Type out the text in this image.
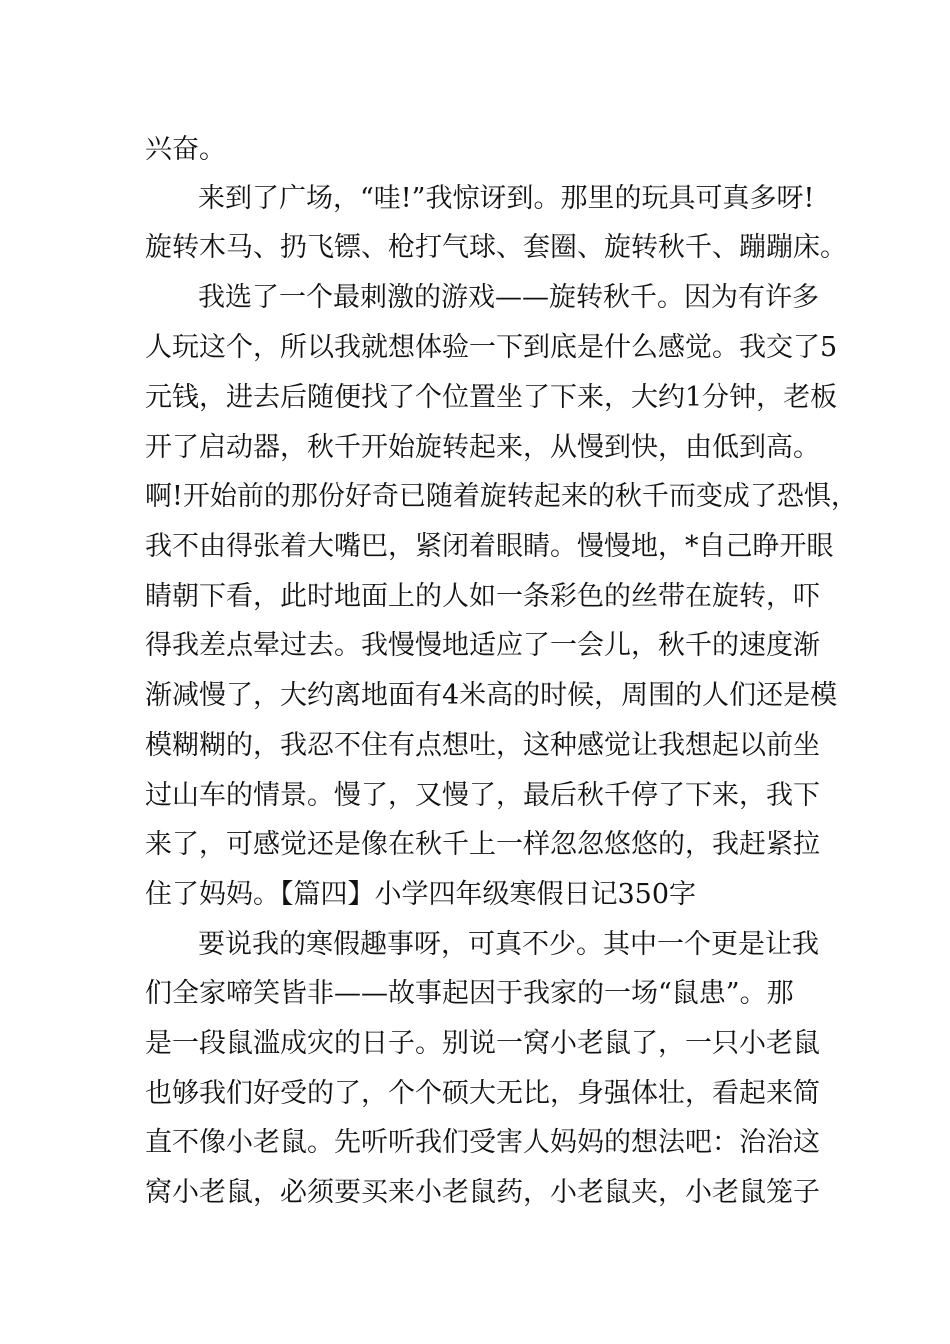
兴奋。
来到了广场，“哇!”我惊讶到。那里的玩具可真多呀!
旋转木马、扔飞镖、枪打气球、套圈、旋转秋千、蹦蹦床。
我选了一个最刺激的游戏——旋转秋千。因为有许多
人玩这个，所以我就想体验一下到底是什么感觉。我交了5
元钱，进去后随便找了个位置坐了下来，大约1分钟，老板
开了启动器，秋千开始旋转起来，从慢到快，由低到高。
啊!开始前的那份好奇已随着旋转起来的秋千而变成了恐惧，
我不由得张着大嘴巴，紧闭着眼睛。慢慢地，*自己睁开眼
睛朝下看，此时地面上的人如一条彩色的丝带在旋转，吓
得我差点晕过去。我慢慢地适应了一会儿，秋千的速度渐
渐减慢了，大约离地面有4米高的时候，周围的人们还是模
模糊糊的，我忍不住有点想吐，这种感觉让我想起以前坐
过山车的情景。慢了，又慢了，最后秋千停了下来，我下
来了，可感觉还是像在秋千上一样忽忽悠悠的，我赶紧拉
住了妈妈。【篇四】小学四年级寒假日记350字
要说我的寒假趣事呀，可真不少。其中一个更是让我
们全家啼笑皆非——故事起因于我家的一场“鼠患”。那
是一段鼠滥成灾的日子。别说一窝小老鼠了，一只小老鼠
也够我们好受的了，个个硕大无比，身强体壮，看起来简
直不像小老鼠。先听听我们受害人妈妈的想法吧：治治这
窝小老鼠，必须要买来小老鼠药，小老鼠夹，小老鼠笼子
